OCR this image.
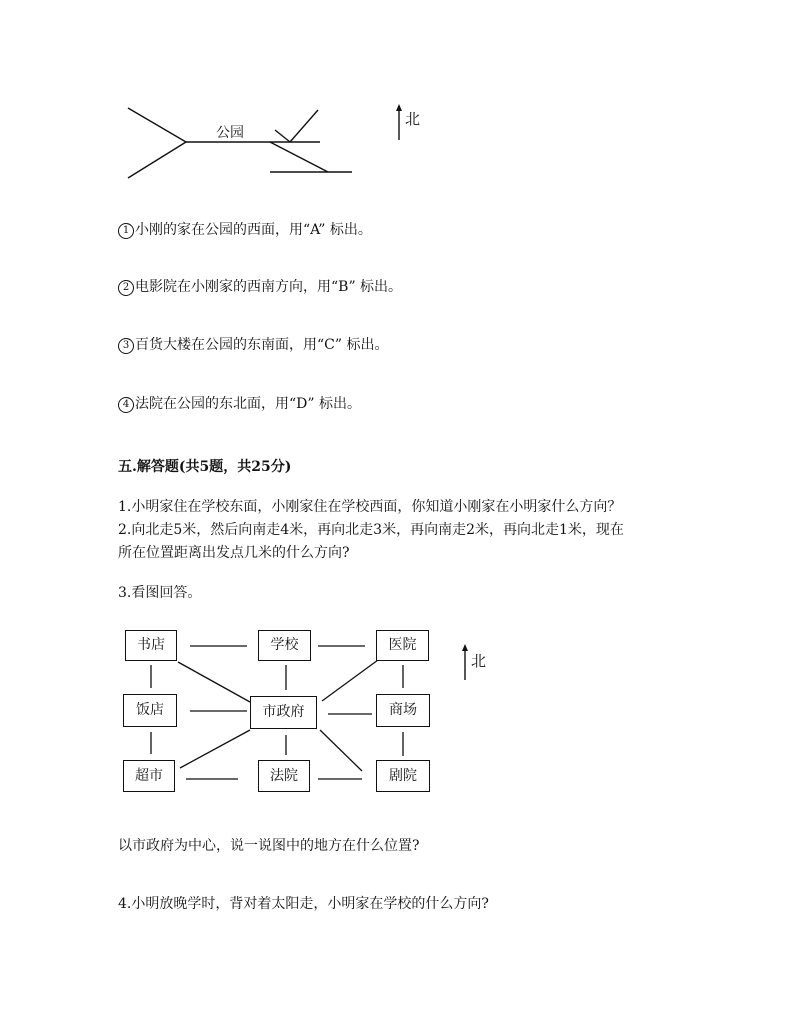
公园
北
1 小刚的家在公园的西面，用“A” 标出。
2 电影院在小刚家的西南方向，用“B” 标出。
3 百货大楼在公园的东南面，用“C” 标出。
4 法院在公园的东北面，用“D” 标出。
五.解答题(共5题，共25分)
1.小明家住在学校东面，小刚家住在学校西面，你知道小刚家在小明家什么方向？
2.向北走5米，然后向南走4米，再向北走3米，再向南走2米，再向北走1米，现在
所在位置距离出发点几米的什么方向?
3.看图回答。
书店	学校	医院
饭店	市政府	商场
超市	法院	剧院
北
以市政府为中心，说一说图中的地方在什么位置?
4.小明放晚学时，背对着太阳走，小明家在学校的什么方向?
